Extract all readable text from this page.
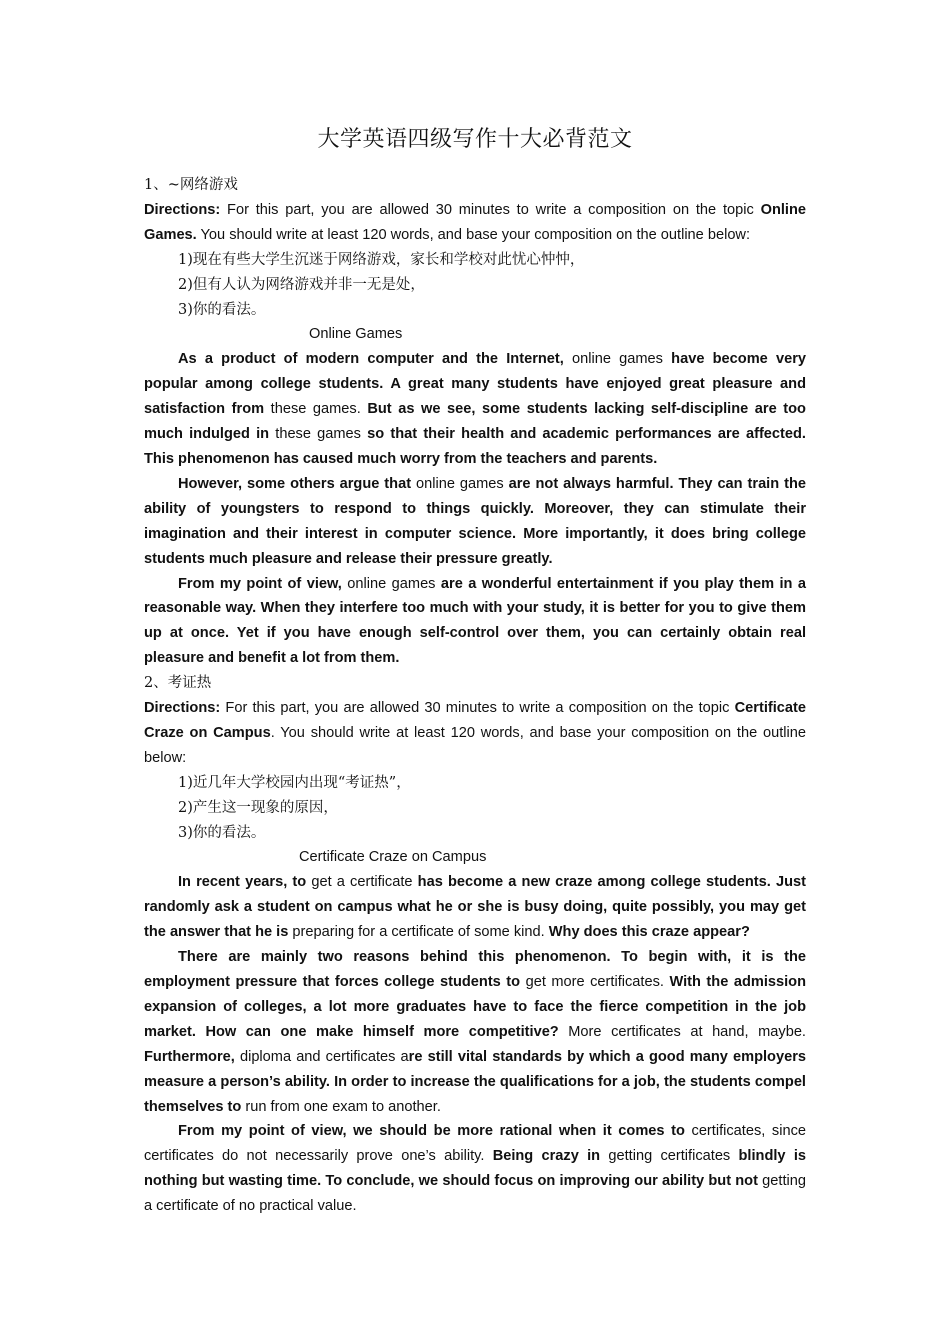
大学英语四级写作十大必背范文

1、~网络游戏

Directions: For this part, you are allowed 30 minutes to write a composition on the topic Online Games. You should write at least 120 words, and base your composition on the outline below:

1)现在有些大学生沉迷于网络游戏，家长和学校对此忧心忡忡，

2)但有人认为网络游戏并非一无是处，

3)你的看法。

Online Games

As a product of modern computer and the Internet, online games have become very popular among college students. A great many students have enjoyed great pleasure and satisfaction from these games. But as we see, some students lacking self-discipline are too much indulged in these games so that their health and academic performances are affected. This phenomenon has caused much worry from the teachers and parents.

However, some others argue that online games are not always harmful. They can train the ability of youngsters to respond to things quickly. Moreover, they can stimulate their imagination and their interest in computer science. More importantly, it does bring college students much pleasure and release their pressure greatly.

From my point of view, online games are a wonderful entertainment if you play them in a reasonable way. When they interfere too much with your study, it is better for you to give them up at once. Yet if you have enough self-control over them, you can certainly obtain real pleasure and benefit a lot from them.

2、考证热

Directions: For this part, you are allowed 30 minutes to write a composition on the topic Certificate Craze on Campus. You should write at least 120 words, and base your composition on the outline below:

1)近几年大学校园内出现“考证热”，

2)产生这一现象的原因，

3)你的看法。

Certificate Craze on Campus

In recent years, to get a certificate has become a new craze among college students. Just randomly ask a student on campus what he or she is busy doing, quite possibly, you may get the answer that he is preparing for a certificate of some kind. Why does this craze appear?

There are mainly two reasons behind this phenomenon. To begin with, it is the employment pressure that forces college students to get more certificates. With the admission expansion of colleges, a lot more graduates have to face the fierce competition in the job market. How can one make himself more competitive? More certificates at hand, maybe. Furthermore, diploma and certificates are still vital standards by which a good many employers measure a person’s ability. In order to increase the qualifications for a job, the students compel themselves to run from one exam to another.

From my point of view, we should be more rational when it comes to certificates, since certificates do not necessarily prove one’s ability. Being crazy in getting certificates blindly is nothing but wasting time. To conclude, we should focus on improving our ability but not getting a certificate of no practical value.
